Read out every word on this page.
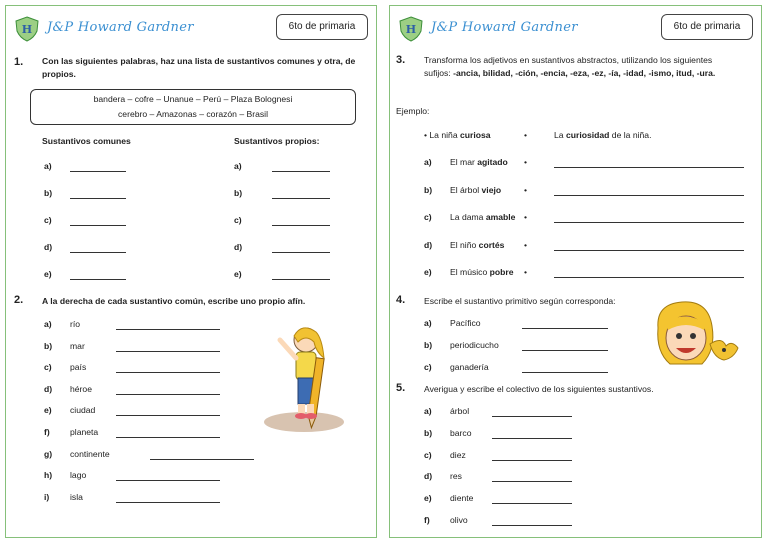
H J&P Howard Gardner	6to de primaria
1. Con las siguientes palabras, haz una lista de sustantivos comunes y otra, de propios.
bandera – cofre – Unanue – Perú – Plaza Bolognesi
cerebro – Amazonas – corazón – Brasil
Sustantivos comunes	Sustantivos propios:
a)	a)
b)	b)
c)	c)
d)	d)
e)	e)
2. A la derecha de cada sustantivo común, escribe uno propio afín.
a) río
b) mar
c) país
d) héroe
e) ciudad
f) planeta
g) continente
h) lago
i) isla
H J&P Howard Gardner	6to de primaria
3. Transforma los adjetivos en sustantivos abstractos, utilizando los siguientes
sufijos: -ancia, bilidad, -ción, -encia, -eza, -ez, -ía, -idad, -ismo, itud, -ura.
Ejemplo:
• La niña curiosa	•	La curiosidad de la niña.
a) El mar agitado •
b) El árbol viejo	•
c) La dama amable •
d) El niño cortés •
e) El músico pobre •
4. Escribe el sustantivo primitivo según corresponda:
a) Pacífico
b) periodicucho
c) ganadería
5. Averigua y escribe el colectivo de los siguientes sustantivos.
a) árbol
b) barco
c) diez
d) res
e) diente
f) olivo
